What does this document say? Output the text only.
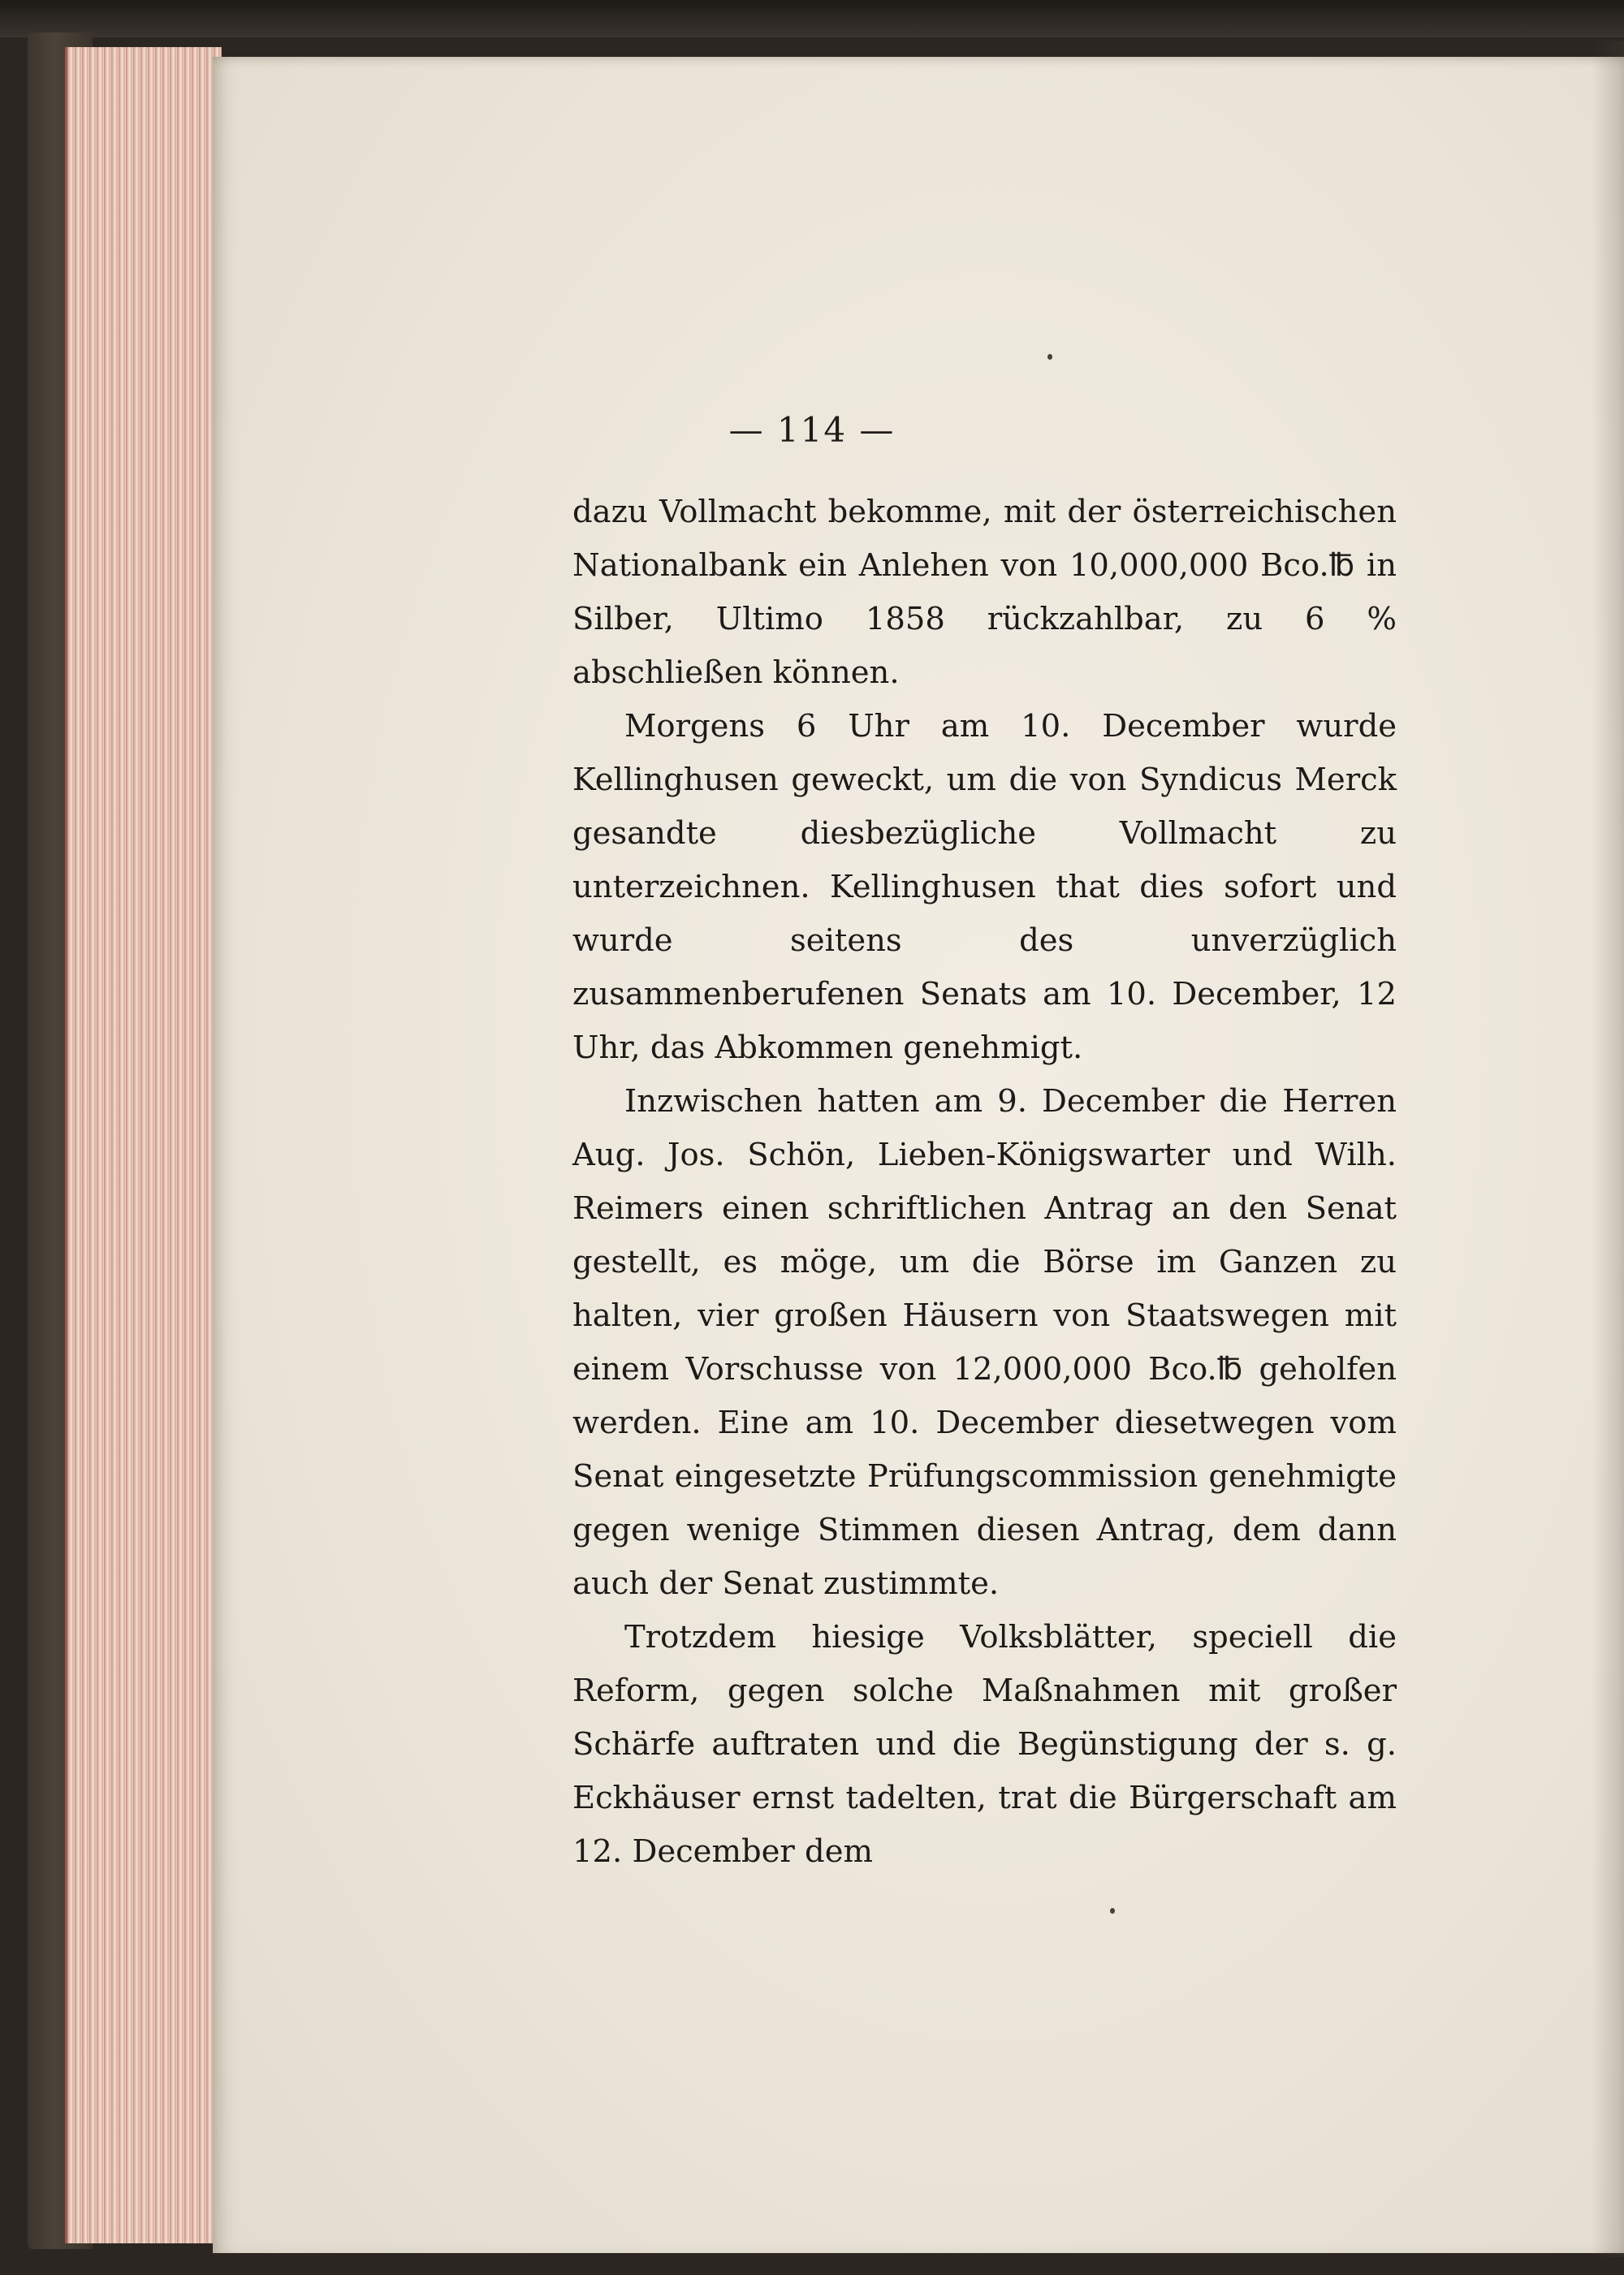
— 114 —

dazu Vollmacht bekomme, mit der österreichischen Nationalbank ein Anlehen von 10,000,000 Bco.℔ in Silber, Ultimo 1858 rückzahlbar, zu 6 % abschließen können.

Morgens 6 Uhr am 10. December wurde Kellinghusen geweckt, um die von Syndicus Merck gesandte diesbezügliche Vollmacht zu unterzeichnen. Kellinghusen that dies sofort und wurde seitens des unverzüglich zusammenberufenen Senats am 10. December, 12 Uhr, das Abkommen genehmigt.

Inzwischen hatten am 9. December die Herren Aug. Jos. Schön, Lieben-Königswarter und Wilh. Reimers einen schriftlichen Antrag an den Senat gestellt, es möge, um die Börse im Ganzen zu halten, vier großen Häusern von Staatswegen mit einem Vorschusse von 12,000,000 Bco.℔ geholfen werden. Eine am 10. December diesetwegen vom Senat eingesetzte Prüfungscommission genehmigte gegen wenige Stimmen diesen Antrag, dem dann auch der Senat zustimmte.

Trotzdem hiesige Volksblätter, speciell die Reform, gegen solche Maßnahmen mit großer Schärfe auftraten und die Begünstigung der s. g. Eckhäuser ernst tadelten, trat die Bürgerschaft am 12. December dem
